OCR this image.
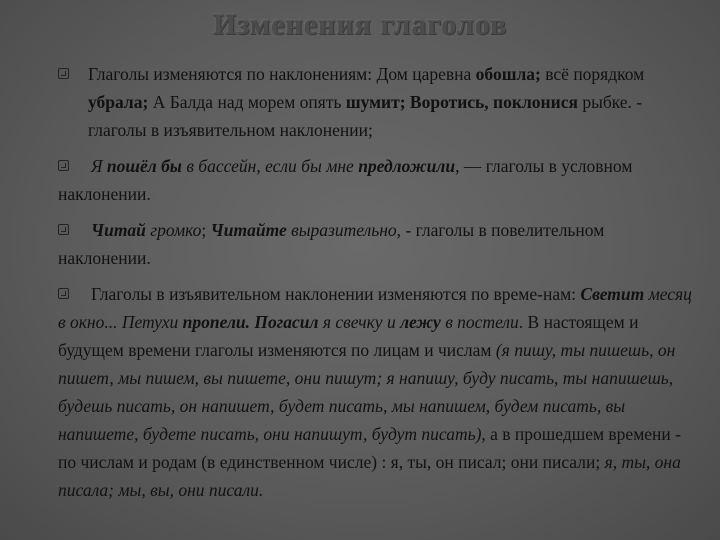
Изменения глаголов
Глаголы изменяются по наклонениям: Дом царевна обошла; всё порядком убрала; А Балда над морем опять шумит; Воротись, поклонися рыбке. - глаголы в изъявительном наклонении;
Я пошёл бы в бассейн, если бы мне предложили, — глаголы в условном наклонении.
Читай громко; Читайте выразительно, - глаголы в повелительном наклонении.
Глаголы в изъявительном наклонении изменяются по време-нам: Светит месяц в окно... Петухи пропели. Погасил я свечку и лежу в постели. В настоящем и будущем времени глаголы изменяются по лицам и числам (я пишу, ты пишешь, он пишет, мы пишем, вы пишете, они пишут; я напишу, буду писать, ты напишешь, будешь писать, он напишет, будет писать, мы напишем, будем писать, вы напишете, будете писать, они напишут, будут писать), а в прошедшем времени - по числам и родам (в единственном числе) : я, ты, он писал; они писали; я, ты, она писала; мы, вы, они писали.
